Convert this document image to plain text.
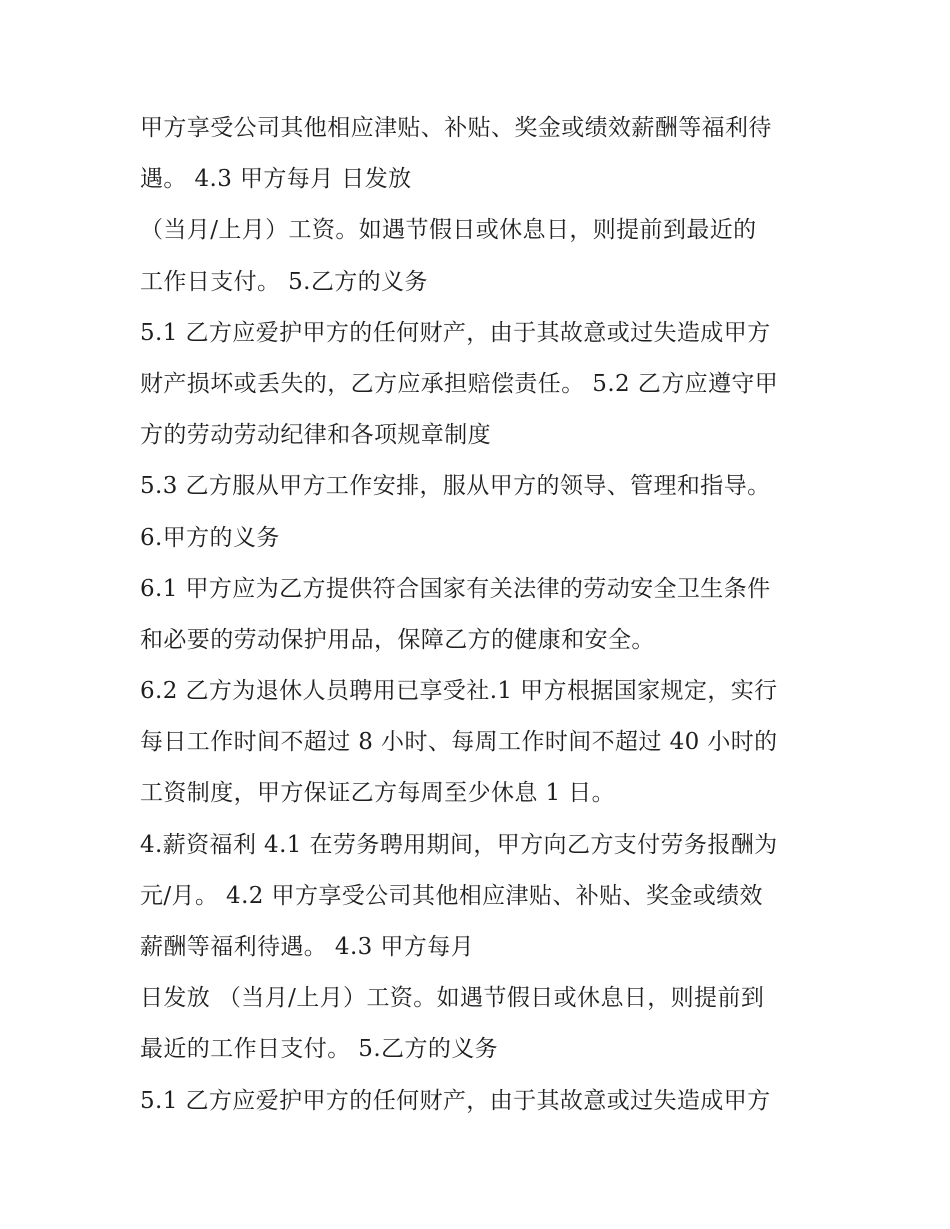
甲方享受公司其他相应津贴、补贴、奖金或绩效薪酬等福利待
遇。 4.3 甲方每月 日发放
（当月/上月）工资。如遇节假日或休息日，则提前到最近的
工作日支付。 5.乙方的义务
5.1 乙方应爱护甲方的任何财产，由于其故意或过失造成甲方
财产损坏或丢失的，乙方应承担赔偿责任。 5.2 乙方应遵守甲
方的劳动劳动纪律和各项规章制度
5.3 乙方服从甲方工作安排，服从甲方的领导、管理和指导。
6.甲方的义务
6.1 甲方应为乙方提供符合国家有关法律的劳动安全卫生条件
和必要的劳动保护用品，保障乙方的健康和安全。
6.2 乙方为退休人员聘用已享受社.1 甲方根据国家规定，实行
每日工作时间不超过 8 小时、每周工作时间不超过 40 小时的
工资制度，甲方保证乙方每周至少休息 1 日。
4.薪资福利 4.1 在劳务聘用期间，甲方向乙方支付劳务报酬为
元/月。 4.2 甲方享受公司其他相应津贴、补贴、奖金或绩效
薪酬等福利待遇。 4.3 甲方每月
日发放 （当月/上月）工资。如遇节假日或休息日，则提前到
最近的工作日支付。 5.乙方的义务
5.1 乙方应爱护甲方的任何财产，由于其故意或过失造成甲方
